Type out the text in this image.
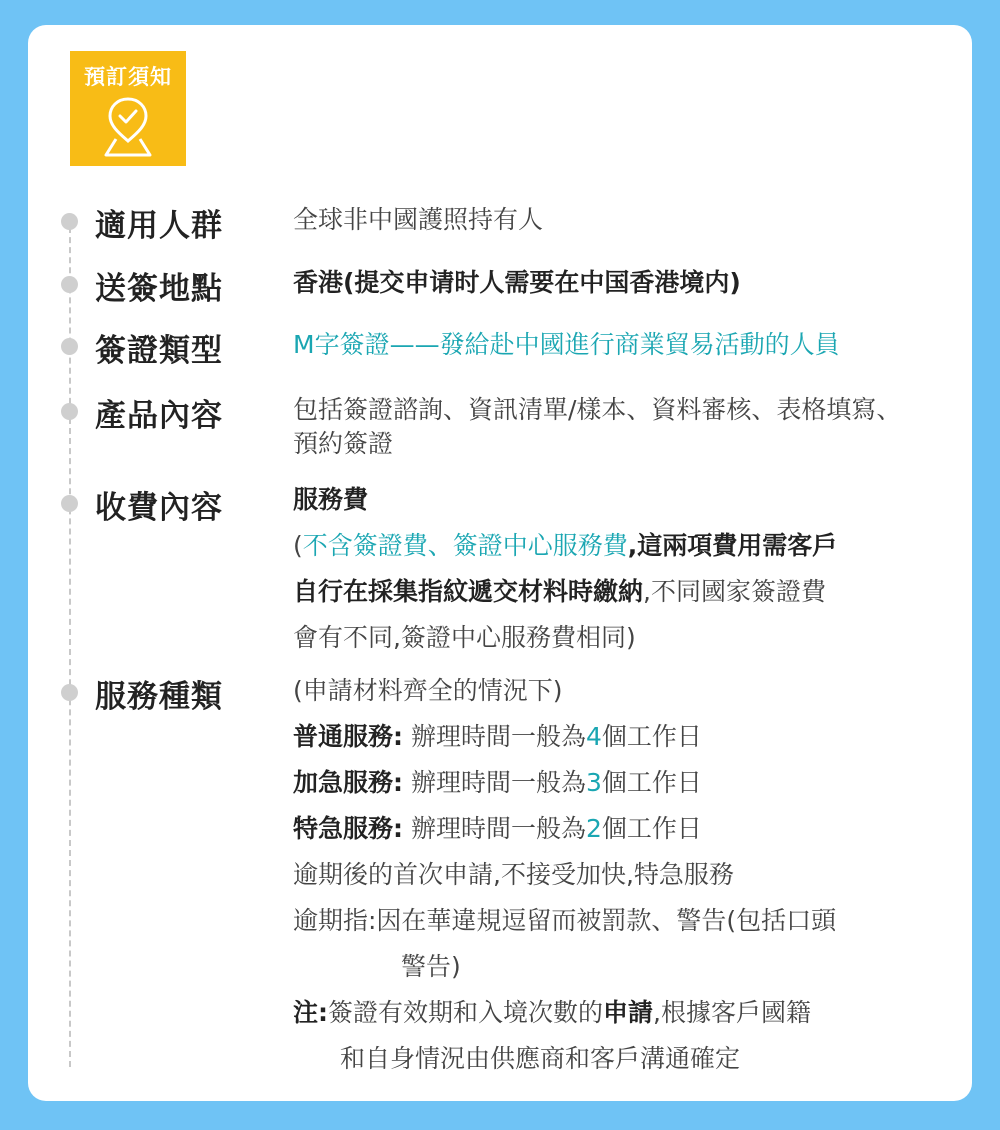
預訂須知
適用人群	全球非中國護照持有人
送簽地點	香港(提交申请时人需要在中国香港境内)
簽證類型	M字簽證——發給赴中國進行商業貿易活動的人員
產品內容	包括簽證諮詢、資訊清單/樣本、資料審核、表格填寫、
預約簽證
收費內容	服務費
(不含簽證費、簽證中心服務費,這兩項費用需客戶
自行在採集指紋遞交材料時繳納,不同國家簽證費
會有不同,簽證中心服務費相同)
服務種類	(申請材料齊全的情況下)
普通服務: 辦理時間一般為4個工作日
加急服務: 辦理時間一般為3個工作日
特急服務: 辦理時間一般為2個工作日
逾期後的首次申請,不接受加快,特急服務
逾期指:因在華違規逗留而被罰款、警告(包括口頭
警告)
注:簽證有效期和入境次數的申請,根據客戶國籍
和自身情況由供應商和客戶溝通確定
